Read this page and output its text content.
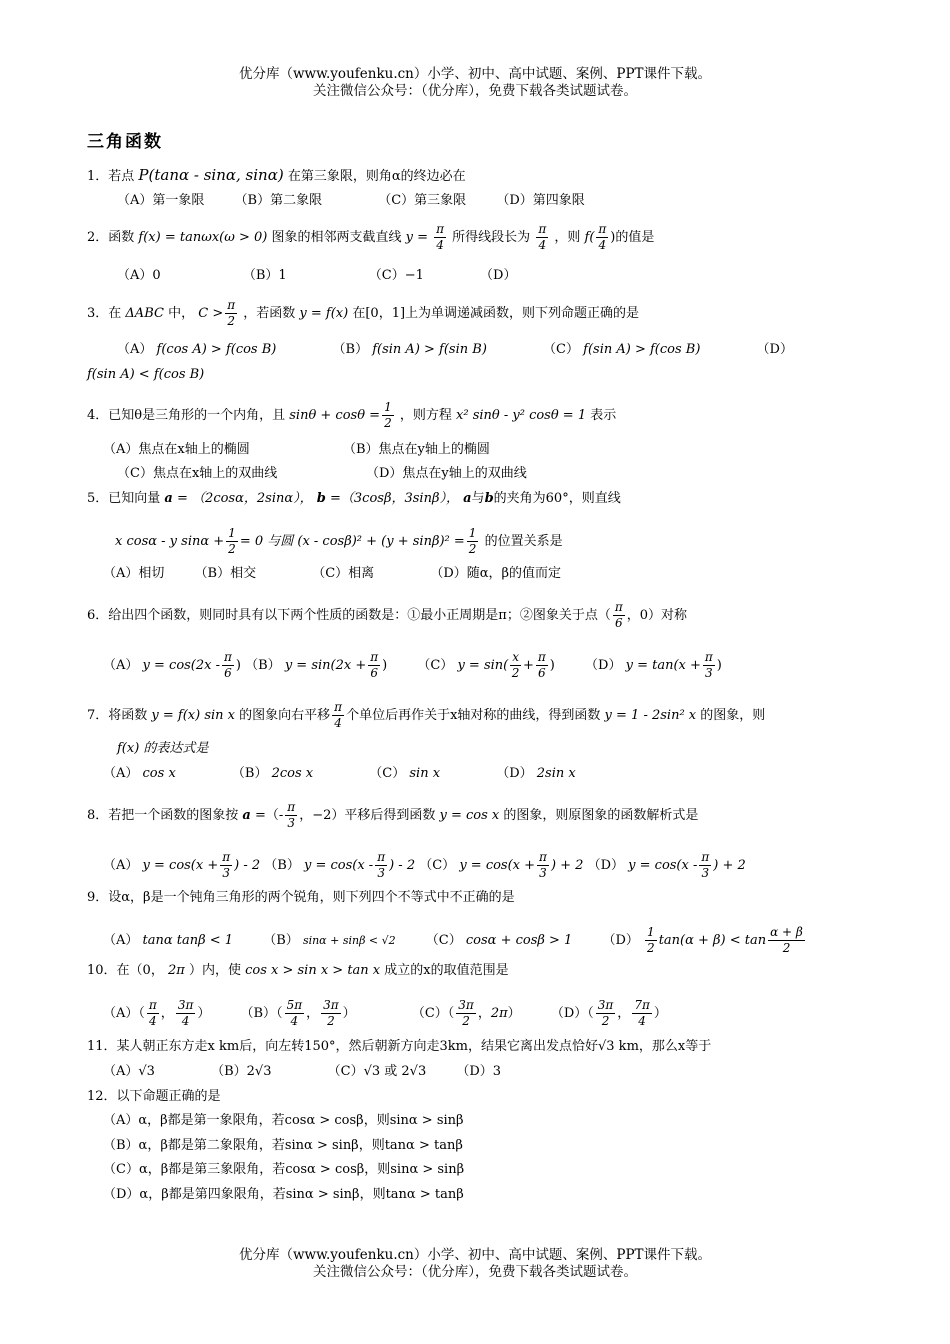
优分库（www.youfenku.cn）小学、初中、高中试题、案例、PPT课件下载。
关注微信公众号：（优分库），免费下载各类试题试卷。
三角函数
1．若点 P(tanα - sinα, sinα) 在第三象限，则角α的终边必在
（A）第一象限 （B）第二象限	（C）第三象限 （D）第四象限
2．函数 f(x) = tanωx(ω > 0) 图象的相邻两支截直线 $y = \frac{\pi}{4}$ 所得线段长为 $\frac{\pi}{4}$ ，则 $f( \frac{\pi}{4}$ )的值是
（A）0	（B）1	（C）−1	（D）
3．在 ΔABC 中， $C > \frac{\pi}{2}$ ，若函数 y = f(x) 在[0，1]上为单调递减函数，则下列命题正确的是
（A） f(cos A) > f(cos B)	（B） f(sin A) > f(sin B)	（C） f(sin A) > f(cos B)	（D）
f(sin A) < f(cos B)
4．已知θ是三角形的一个内角，且 $\sin\theta + \cos\theta = \frac{1}{2}$ ，则方程 x² sinθ - y² cosθ = 1 表示
（A）焦点在x轴上的椭圆	（B）焦点在y轴上的椭圆
（C）焦点在x轴上的双曲线	（D）焦点在y轴上的双曲线
5．已知向量 a = （2cosα，2sinα）， b =（3cosβ，3sinβ）， a与b的夹角为60°，则直线
x cosα - y $\sin\alpha + \frac{1}{2} = 0$ 与圆 $(x - \cos\beta)^2 + (y + \sin\beta)^2 = \frac{1}{2}$ 的位置关系是
（A）相切 （B）相交	（C）相离	（D）随α，β的值而定
6．给出四个函数，则同时具有以下两个性质的函数是：①最小正周期是π；②图象关于点（ $\frac{\pi}{6}$ ，0）对称
（A） $y = \cos(2x - \frac{\pi}{6}$ ) （B） $y = \sin(2x + \frac{\pi}{6}$ ) （C） $y = \sin( \frac{x}{2} + \frac{\pi}{6}$ ) （D） $y = \tan(x + \frac{\pi}{3}$ )
7．将函数 y = f(x) sin x 的图象向右平移 $\frac{\pi}{4}$ 个单位后再作关于x轴对称的曲线，得到函数 y = 1 - 2sin² x 的图象，则
f(x) 的表达式是
（A） cos x	（B） 2cos x	（C） sin x	（D） 2sin x
8．若把一个函数的图象按 a =（- $\frac{\pi}{3}$ ，−2）平移后得到函数 y = cos x 的图象，则原图象的函数解析式是
（A） $y = \cos(x + \frac{\pi}{3}$ ) - 2 （B） $y = \cos(x - \frac{\pi}{3}$ ) - 2 （C） $y = \cos(x + \frac{\pi}{3}$ ) + 2 （D） $y = \cos(x - \frac{\pi}{3}$ ) + 2
9．设α，β是一个钝角三角形的两个锐角，则下列四个不等式中不正确的是
（A） tanα tanβ < 1 （B） sinα + sinβ < √2 （C） cosα + cosβ > 1 $(D) \frac{1}{2} \tan(\alpha + \beta) < \tan \frac{\alpha + \beta}{2}$
10．在（0， 2π ）内，使 cos x > sin x > tan x 成立的x的取值范围是
$(A)( \frac{\pi}{4}$ ， $\frac{3\pi}{4}$ ） $(B)( \frac{5\pi}{4}$ ， $\frac{3\pi}{2}$ ）	$(C)( \frac{3\pi}{2}$ ，2π） $(D)( \frac{3\pi}{2}$ ， $\frac{7\pi}{4}$ ）
11．某人朝正东方走x km后，向左转150°，然后朝新方向走3km，结果它离出发点恰好√3 km，那么x等于
（A）√3	（B）2√3	（C）√3 或 2√3 （D）3
12．以下命题正确的是
（A）α，β都是第一象限角，若cosα > cosβ，则sinα > sinβ
（B）α，β都是第二象限角，若sinα > sinβ，则tanα > tanβ
（C）α，β都是第三象限角，若cosα > cosβ，则sinα > sinβ
（D）α，β都是第四象限角，若sinα > sinβ，则tanα > tanβ
优分库（www.youfenku.cn）小学、初中、高中试题、案例、PPT课件下载。
关注微信公众号：（优分库），免费下载各类试题试卷。
